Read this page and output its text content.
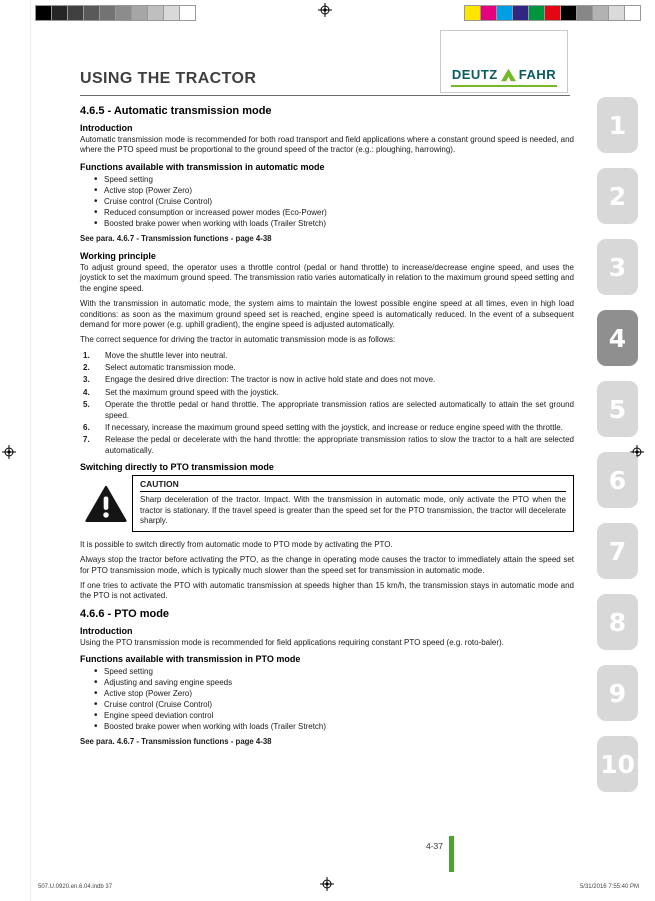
USING THE TRACTOR	DEUTZ FAHR
1
2
3
4
5
6
7
8
9
10
4.6.5 - Automatic transmission mode
Introduction

Automatic transmission mode is recommended for both road transport and field applications where a constant ground speed is needed, and where the PTO speed must be proportional to the ground speed of the tractor (e.g.: ploughing, harrowing).

Functions available with transmission in automatic mode
• Speed setting
• Active stop (Power Zero)
• Cruise control (Cruise Control)
• Reduced consumption or increased power modes (Eco-Power)
• Boosted brake power when working with loads (Trailer Stretch)
See para. 4.6.7 - Transmission functions - page 4-38
Working principle

To adjust ground speed, the operator uses a throttle control (pedal or hand throttle) to increase/decrease engine speed, and uses the joystick to set the maximum ground speed. The transmission ratio varies automatically in relation to the maximum ground speed setting and the engine speed.

With the transmission in automatic mode, the system aims to maintain the lowest possible engine speed at all times, even in high load conditions: as soon as the maximum ground speed set is reached, engine speed is automatically reduced. In the event of a subsequent demand for more power (e.g. uphill gradient), the engine speed is adjusted automatically.

The correct sequence for driving the tractor in automatic transmission mode is as follows:

1. Move the shuttle lever into neutral.
2. Select automatic transmission mode.
3. Engage the desired drive direction: The tractor is now in active hold state and does not move.
4. Set the maximum ground speed with the joystick.
5. Operate the throttle pedal or hand throttle. The appropriate transmission ratios are selected automatically to attain the set ground speed.
6. If necessary, increase the maximum ground speed setting with the joystick, and increase or reduce engine speed with the throttle.
7. Release the pedal or decelerate with the hand throttle: the appropriate transmission ratios to slow the tractor to a halt are selected automatically.
Switching directly to PTO transmission mode
CAUTION
Sharp deceleration of the tractor. Impact. With the transmission in automatic mode, only activate the PTO when the tractor is stationary. If the travel speed is greater than the speed set for the PTO transmission, the tractor will decelerate sharply.

It is possible to switch directly from automatic mode to PTO mode by activating the PTO.

Always stop the tractor before activating the PTO, as the change in operating mode causes the tractor to immediately attain the speed set for PTO transmission mode, which is typically much slower than the speed set for transmission in automatic mode.

If one tries to activate the PTO with automatic transmission at speeds higher than 15 km/h, the transmission stays in automatic mode and the PTO is not activated.

4.6.6 - PTO mode
Introduction

Using the PTO transmission mode is recommended for field applications requiring constant PTO speed (e.g. roto-baler).

Functions available with transmission in PTO mode
• Speed setting
• Adjusting and saving engine speeds
• Active stop (Power Zero)
• Cruise control (Cruise Control)
• Engine speed deviation control
• Boosted brake power when working with loads (Trailer Stretch)
See para. 4.6.7 - Transmission functions - page 4-38
4-37
507.U.0920.en.6.04.indb 37	5/31/2016 7:55:40 PM
